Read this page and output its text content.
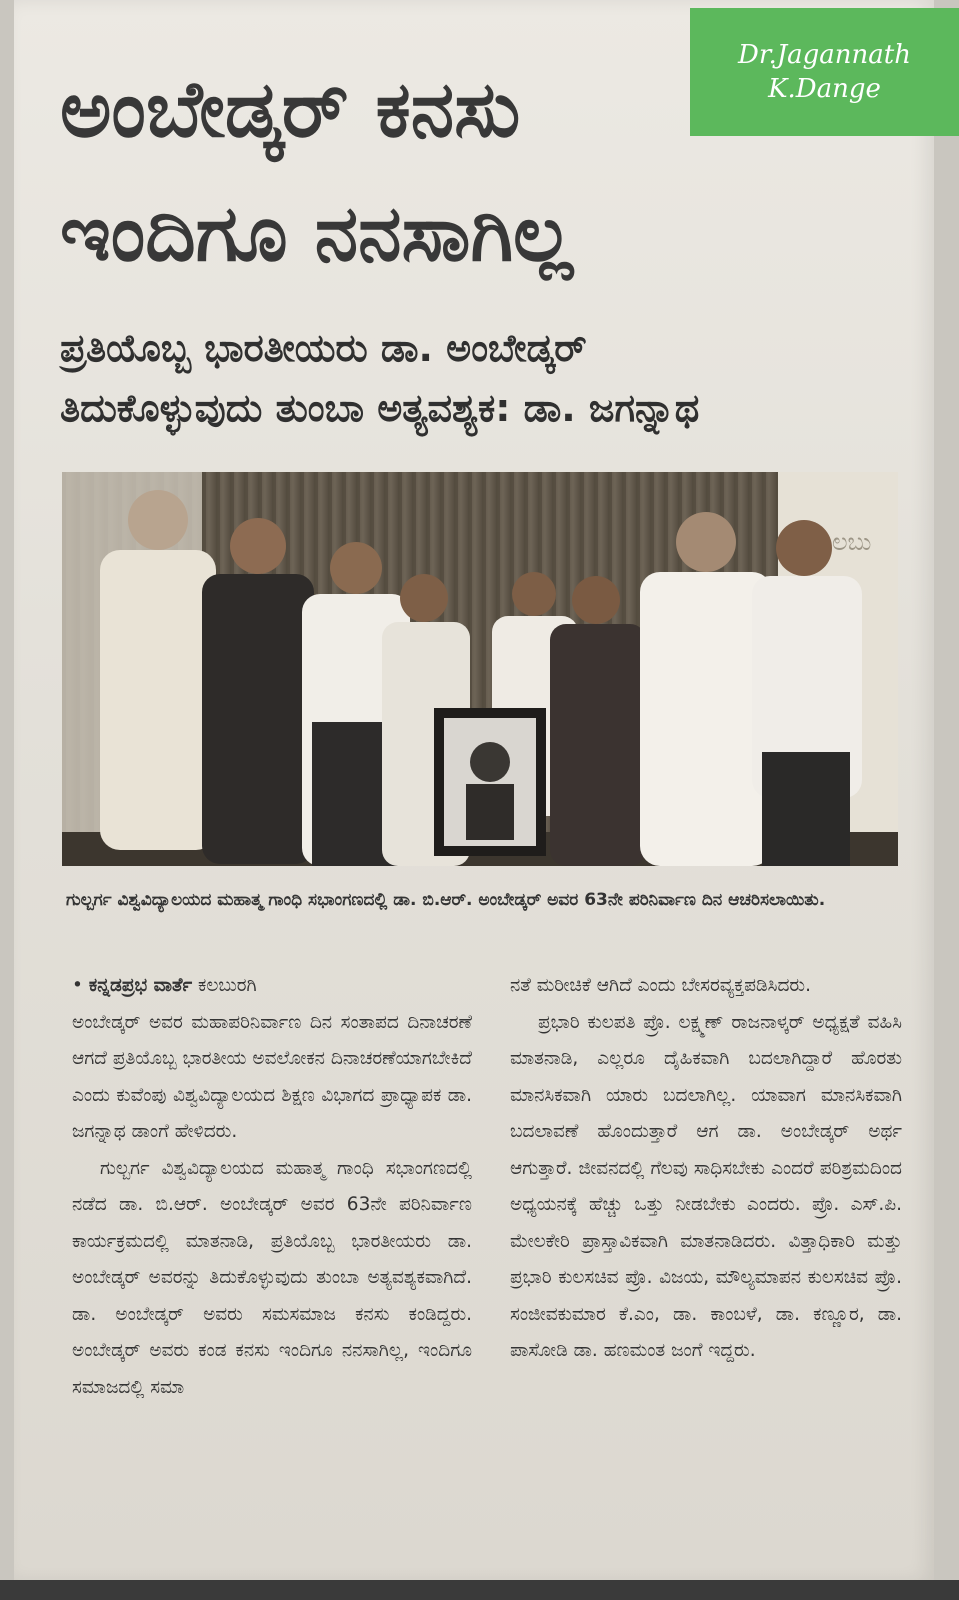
Dr.Jagannath
K.Dange
ಅಂಬೇಡ್ಕರ್ ಕನಸು
ಇಂದಿಗೂ ನನಸಾಗಿಲ್ಲ
ಪ್ರತಿಯೊಬ್ಬ ಭಾರತೀಯರು ಡಾ. ಅಂಬೇಡ್ಕರ್
ತಿದುಕೊಳ್ಳುವುದು ತುಂಬಾ ಅತ್ಯವಶ್ಯಕ: ಡಾ. ಜಗನ್ನಾಥ
ಲಬು
ಗುಲ್ಬರ್ಗ ವಿಶ್ವವಿದ್ಯಾಲಯದ ಮಹಾತ್ಮ ಗಾಂಧಿ ಸಭಾಂಗಣದಲ್ಲಿ ಡಾ. ಬಿ.ಆರ್. ಅಂಬೇಡ್ಕರ್ ಅವರ 63ನೇ ಪರಿನಿರ್ವಾಣ ದಿನ ಆಚರಿಸಲಾಯಿತು.

• ಕನ್ನಡಪ್ರಭ ವಾರ್ತೆ ಕಲಬುರಗಿ

ಅಂಬೇಡ್ಕರ್ ಅವರ ಮಹಾಪರಿನಿರ್ವಾಣ ದಿನ ಸಂತಾಪದ ದಿನಾಚರಣೆ ಆಗದೆ ಪ್ರತಿಯೊಬ್ಬ ಭಾರತೀಯ ಅವಲೋಕನ ದಿನಾಚರಣೆಯಾಗಬೇಕಿದೆ ಎಂದು ಕುವೆಂಪು ವಿಶ್ವವಿದ್ಯಾಲಯದ ಶಿಕ್ಷಣ ವಿಭಾಗದ ಪ್ರಾಧ್ಯಾಪಕ ಡಾ. ಜಗನ್ನಾಥ ಡಾಂಗೆ ಹೇಳಿದರು.

ಗುಲ್ಬರ್ಗ ವಿಶ್ವವಿದ್ಯಾಲಯದ ಮಹಾತ್ಮ ಗಾಂಧಿ ಸಭಾಂಗಣದಲ್ಲಿ ನಡೆದ ಡಾ. ಬಿ.ಆರ್. ಅಂಬೇಡ್ಕರ್ ಅವರ 63ನೇ ಪರಿನಿರ್ವಾಣ ಕಾರ್ಯಕ್ರಮದಲ್ಲಿ ಮಾತನಾಡಿ, ಪ್ರತಿಯೊಬ್ಬ ಭಾರತೀಯರು ಡಾ. ಅಂಬೇಡ್ಕರ್ ಅವರನ್ನು ತಿದುಕೊಳ್ಳುವುದು ತುಂಬಾ ಅತ್ಯವಶ್ಯಕವಾಗಿದೆ. ಡಾ. ಅಂಬೇಡ್ಕರ್ ಅವರು ಸಮಸಮಾಜ ಕನಸು ಕಂಡಿದ್ದರು. ಅಂಬೇಡ್ಕರ್ ಅವರು ಕಂಡ ಕನಸು ಇಂದಿಗೂ ನನಸಾಗಿಲ್ಲ, ಇಂದಿಗೂ ಸಮಾಜದಲ್ಲಿ ಸಮಾ

ನತೆ ಮರೀಚಿಕೆ ಆಗಿದೆ ಎಂದು ಬೇಸರವ್ಯಕ್ತಪಡಿಸಿದರು.

ಪ್ರಭಾರಿ ಕುಲಪತಿ ಪ್ರೊ. ಲಕ್ಷ್ಮಣ್ ರಾಜನಾಳ್ಕರ್ ಅಧ್ಯಕ್ಷತೆ ವಹಿಸಿ ಮಾತನಾಡಿ, ಎಲ್ಲರೂ ದೈಹಿಕವಾಗಿ ಬದಲಾಗಿದ್ದಾರೆ ಹೊರತು ಮಾನಸಿಕವಾಗಿ ಯಾರು ಬದಲಾಗಿಲ್ಲ. ಯಾವಾಗ ಮಾನಸಿಕವಾಗಿ ಬದಲಾವಣೆ ಹೊಂದುತ್ತಾರೆ ಆಗ ಡಾ. ಅಂಬೇಡ್ಕರ್ ಅರ್ಥ ಆಗುತ್ತಾರೆ. ಜೀವನದಲ್ಲಿ ಗೆಲವು ಸಾಧಿಸಬೇಕು ಎಂದರೆ ಪರಿಶ್ರಮದಿಂದ ಅಧ್ಯಯನಕ್ಕೆ ಹೆಚ್ಚು ಒತ್ತು ನೀಡಬೇಕು ಎಂದರು. ಪ್ರೊ. ಎಸ್.ಪಿ. ಮೇಲಕೇರಿ ಪ್ರಾಸ್ತಾವಿಕವಾಗಿ ಮಾತನಾಡಿದರು. ವಿತ್ತಾಧಿಕಾರಿ ಮತ್ತು ಪ್ರಭಾರಿ ಕುಲಸಚಿವ ಪ್ರೊ. ವಿಜಯ, ಮೌಲ್ಯಮಾಪನ ಕುಲಸಚಿವ ಪ್ರೊ. ಸಂಜೀವಕುಮಾರ ಕೆ.ಎಂ, ಡಾ. ಕಾಂಬಳೆ, ಡಾ. ಕಣ್ಣೂರ, ಡಾ. ಪಾಸೋಡಿ ಡಾ. ಹಣಮಂತ ಜಂಗೆ ಇದ್ದರು.
